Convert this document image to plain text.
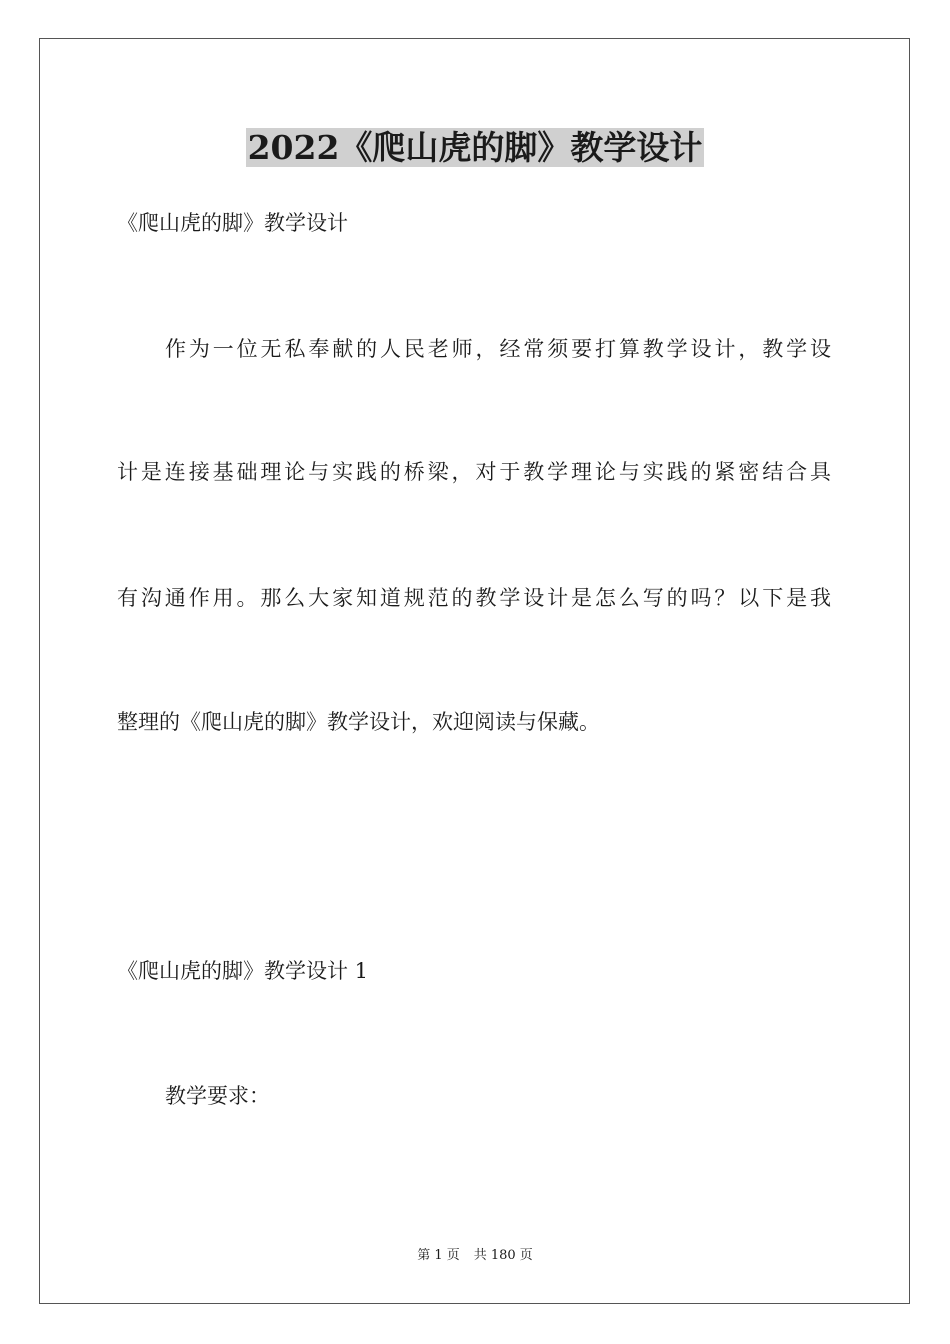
2022《爬山虎的脚》教学设计
《爬山虎的脚》教学设计
作为一位无私奉献的人民老师，经常须要打算教学设计，教学设
计是连接基础理论与实践的桥梁，对于教学理论与实践的紧密结合具
有沟通作用。那么大家知道规范的教学设计是怎么写的吗？以下是我
整理的《爬山虎的脚》教学设计，欢迎阅读与保藏。
《爬山虎的脚》教学设计 1
教学要求：
第 1 页 共 180 页
